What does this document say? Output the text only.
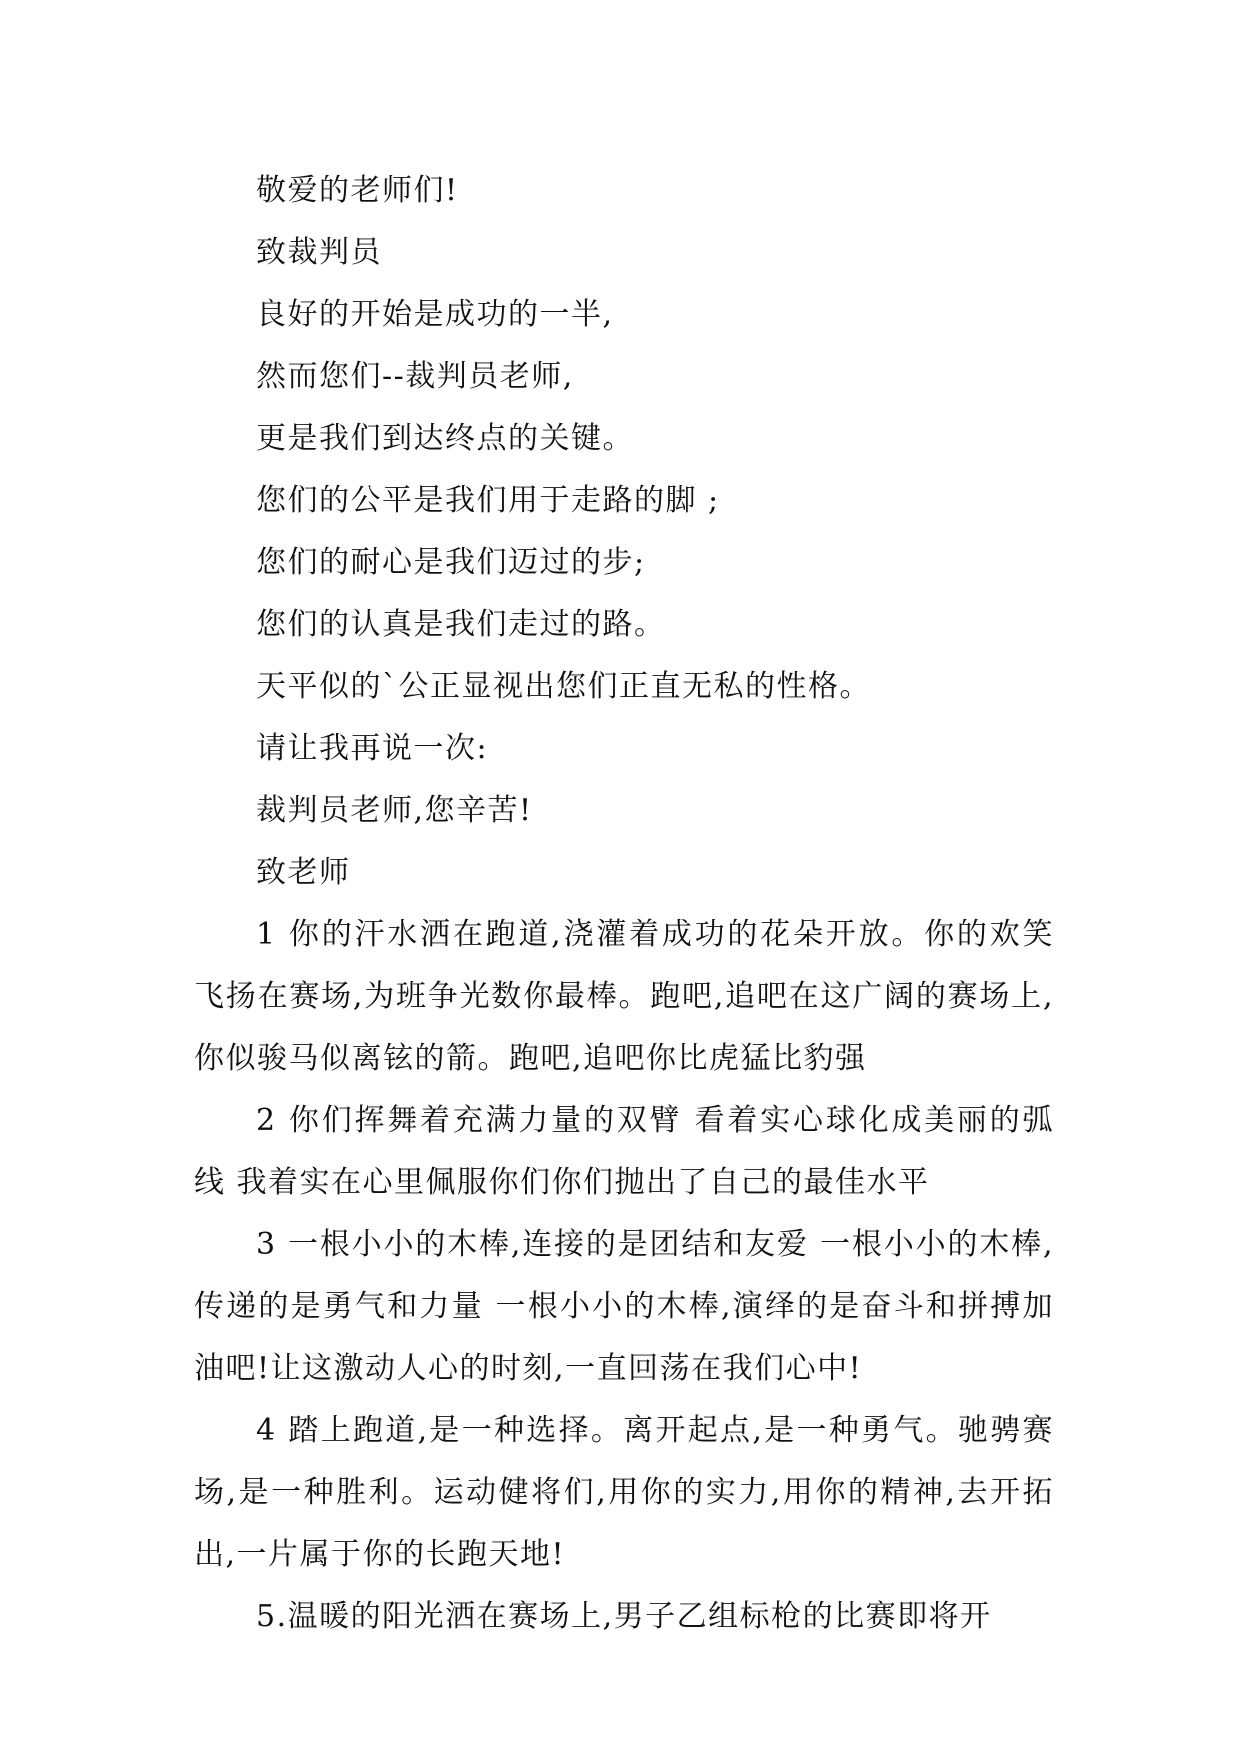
敬爱的老师们!
致裁判员
良好的开始是成功的一半,
然而您们--裁判员老师,
更是我们到达终点的关键。
您们的公平是我们用于走路的脚 ;
您们的耐心是我们迈过的步;
您们的认真是我们走过的路。
天平似的`公正显视出您们正直无私的性格。
请让我再说一次:
裁判员老师,您辛苦!
致老师
1 你的汗水洒在跑道,浇灌着成功的花朵开放。你的欢笑飞扬在赛场,为班争光数你最棒。跑吧,追吧在这广阔的赛场上,你似骏马似离铉的箭。跑吧,追吧你比虎猛比豹强
2 你们挥舞着充满力量的双臂 看着实心球化成美丽的弧线 我着实在心里佩服你们你们抛出了自己的最佳水平
3 一根小小的木棒,连接的是团结和友爱 一根小小的木棒,传递的是勇气和力量 一根小小的木棒,演绎的是奋斗和拼搏加油吧!让这激动人心的时刻,一直回荡在我们心中!
4 踏上跑道,是一种选择。离开起点,是一种勇气。驰骋赛场,是一种胜利。运动健将们,用你的实力,用你的精神,去开拓出,一片属于你的长跑天地!
5.温暖的阳光洒在赛场上,男子乙组标枪的比赛即将开
